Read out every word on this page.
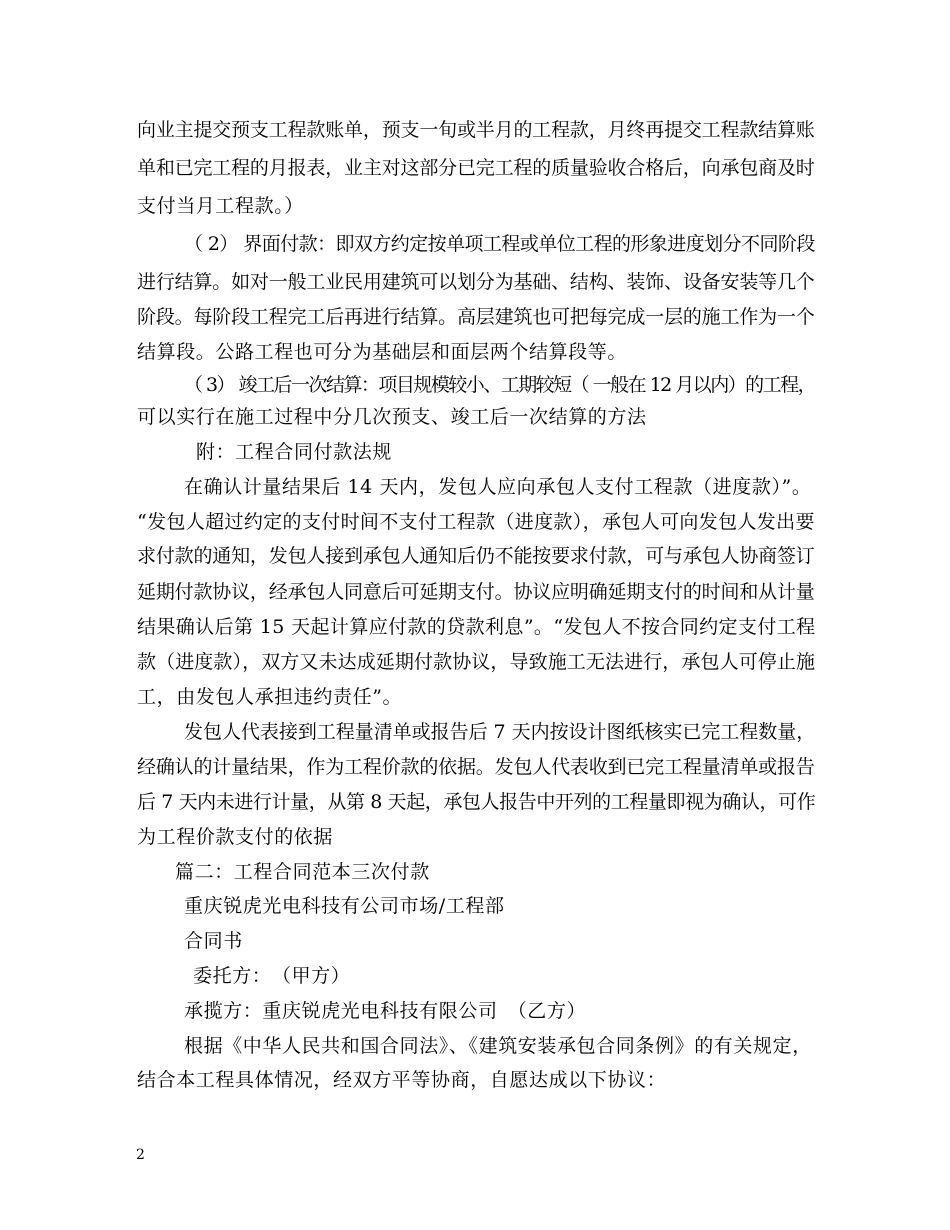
向业主提交预支工程款账单，预支一旬或半月的工程款，月终再提交工程款结算账
单和已完工程的月报表，业主对这部分已完工程的质量验收合格后，向承包商及时
支付当月工程款。）
（ 2） 界面付款：即双方约定按单项工程或单位工程的形象进度划分不同阶段
进行结算。如对一般工业民用建筑可以划分为基础、结构、装饰、设备安装等几个
阶段。每阶段工程完工后再进行结算。高层建筑也可把每完成一层的施工作为一个
结算段。公路工程也可分为基础层和面层两个结算段等。
（ 3） 竣工后一次结算：项目规模较小、工期较短（ 一般在 12 月以内）的工程，
可以实行在施工过程中分几次预支、竣工后一次结算的方法
附：工程合同付款法规
在确认计量结果后 14 天内，发包人应向承包人支付工程款（进度款）”。
“发包人超过约定的支付时间不支付工程款（进度款），承包人可向发包人发出要
求付款的通知，发包人接到承包人通知后仍不能按要求付款，可与承包人协商签订
延期付款协议，经承包人同意后可延期支付。协议应明确延期支付的时间和从计量
结果确认后第 15 天起计算应付款的贷款利息”。“发包人不按合同约定支付工程
款（进度款），双方又未达成延期付款协议，导致施工无法进行，承包人可停止施
工，由发包人承担违约责任”。
发包人代表接到工程量清单或报告后 7 天内按设计图纸核实已完工程数量，
经确认的计量结果，作为工程价款的依据。发包人代表收到已完工程量清单或报告
后 7 天内未进行计量，从第 8 天起，承包人报告中开列的工程量即视为确认，可作
为工程价款支付的依据
篇二：工程合同范本三次付款
重庆锐虎光电科技有公司市场/工程部
合同书
委托方：　（甲方）
承揽方：重庆锐虎光电科技有限公司　（乙方）
根据《中华人民共和国合同法》、《建筑安装承包合同条例》的有关规定，
结合本工程具体情况，经双方平等协商，自愿达成以下协议：
2
